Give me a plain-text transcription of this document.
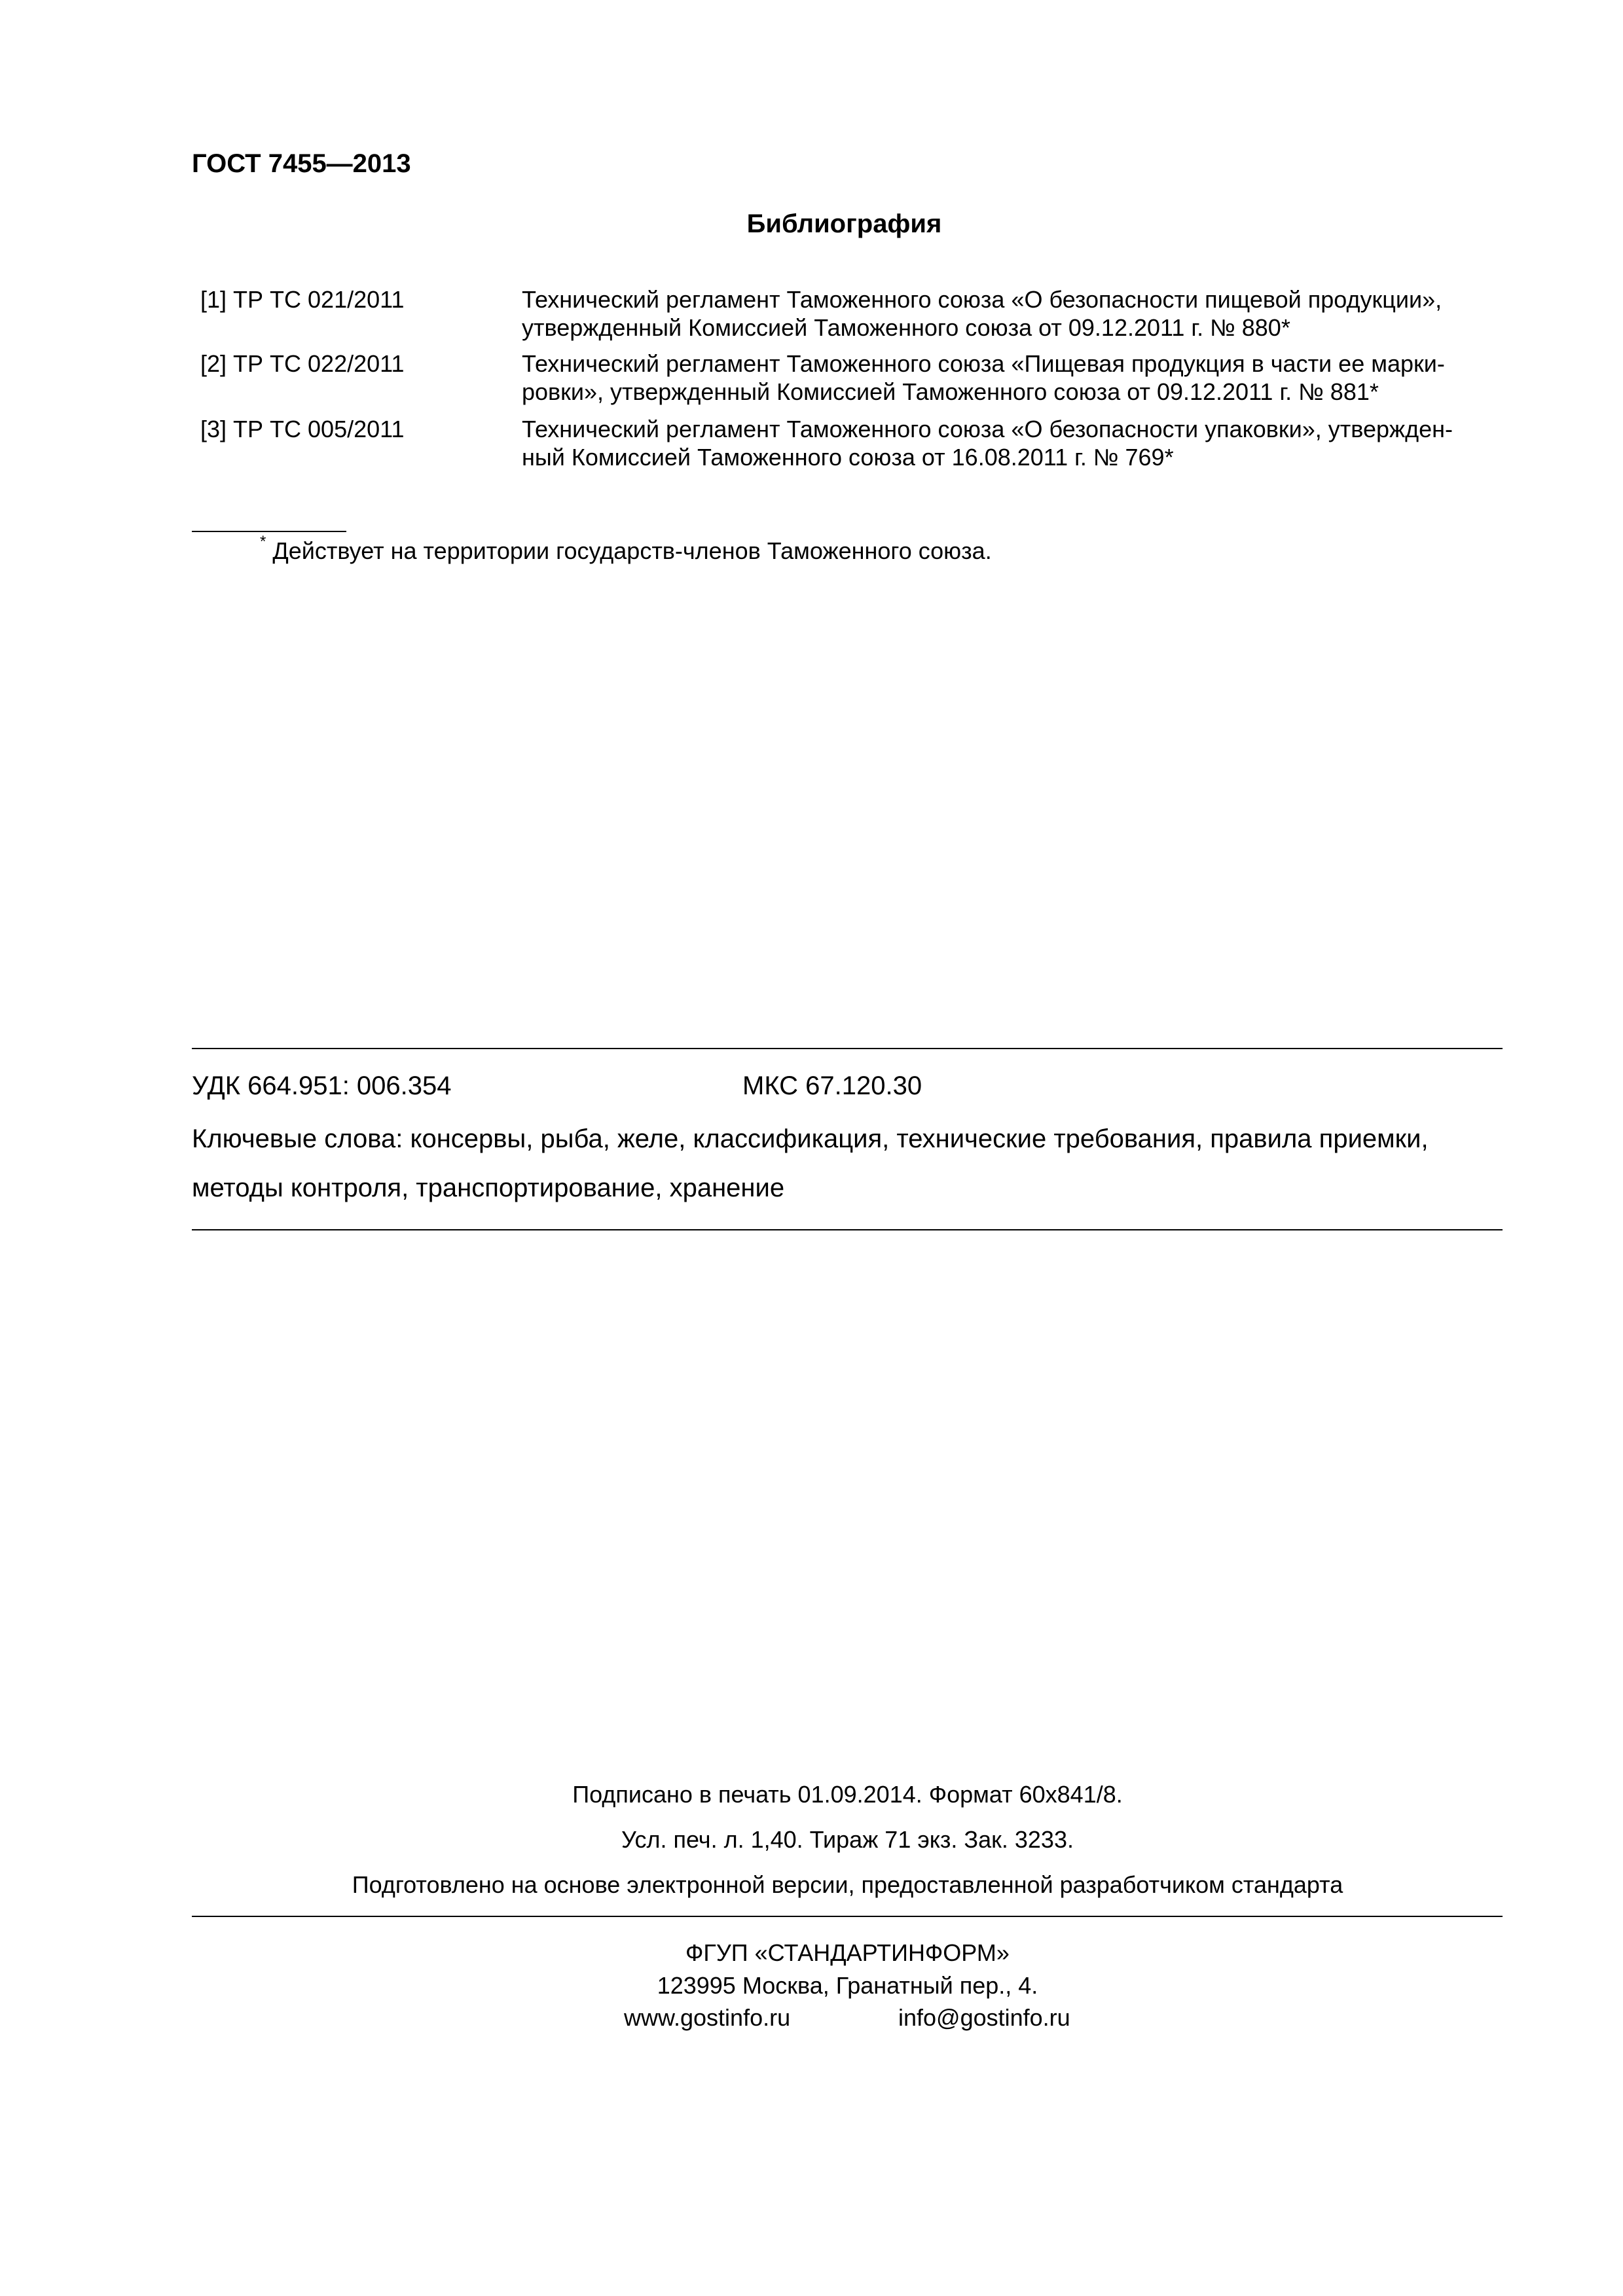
ГОСТ 7455—2013
Библиография
[1] ТР ТС 021/2011	Технический регламент Таможенного союза «О безопасности пищевой продукции»,
утвержденный Комиссией Таможенного союза от 09.12.2011 г. № 880*
[2] ТР ТС 022/2011	Технический регламент Таможенного союза «Пищевая продукция в части ее марки-
ровки», утвержденный Комиссией Таможенного союза от 09.12.2011 г. № 881*
[3] ТР ТС 005/2011	Технический регламент Таможенного союза «О безопасности упаковки», утвержден-
ный Комиссией Таможенного союза от 16.08.2011 г. № 769*
* Действует на территории государств-членов Таможенного союза.
УДК 664.951: 006.354	МКС 67.120.30
Ключевые слова: консервы, рыба, желе, классификация, технические требования, правила приемки,
методы контроля, транспортирование, хранение
Подписано в печать 01.09.2014. Формат 60x841/8.
Усл. печ. л. 1,40. Тираж 71 экз. Зак. 3233.
Подготовлено на основе электронной версии, предоставленной разработчиком стандарта
ФГУП «СТАНДАРТИНФОРМ»
123995 Москва, Гранатный пер., 4.
www.gostinfo.ru	info@gostinfo.ru
